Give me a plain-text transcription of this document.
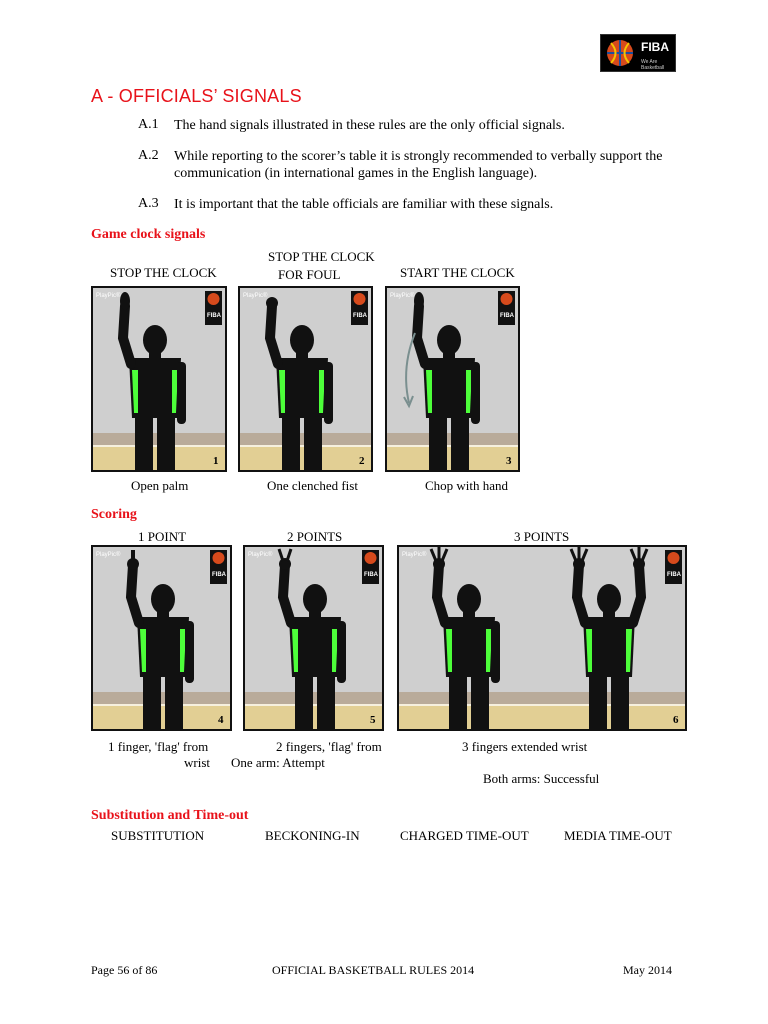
FIBA
We Are Basketball
A - OFFICIALS’ SIGNALS
A.1 The hand signals illustrated in these rules are the only official signals.
A.2 While reporting to the scorer’s table it is strongly recommended to verbally support the communication (in international games in the English language).
A.3 It is important that the table officials are familiar with these signals.
Game clock signals
STOP THE CLOCK
STOP THE CLOCK
FOR FOUL	START THE CLOCK
PlayPic®
FIBA
1
PlayPic®
FIBA
2
PlayPic®
FIBA
3
Open palm	One clenched fist	Chop with hand
Scoring
1 POINT	2 POINTS	3 POINTS
PlayPic®
FIBA
4
PlayPic®
FIBA
5
PlayPic®
FIBA
6
1 finger, 'flag' from
wrist
2 fingers, 'flag' from
One arm: Attempt
3 fingers extended wrist
Both arms: Successful
Substitution and Time-out
SUBSTITUTION	BECKONING-IN	CHARGED TIME-OUT	MEDIA TIME-OUT
Page 56 of 86	OFFICIAL BASKETBALL RULES 2014	May 2014
